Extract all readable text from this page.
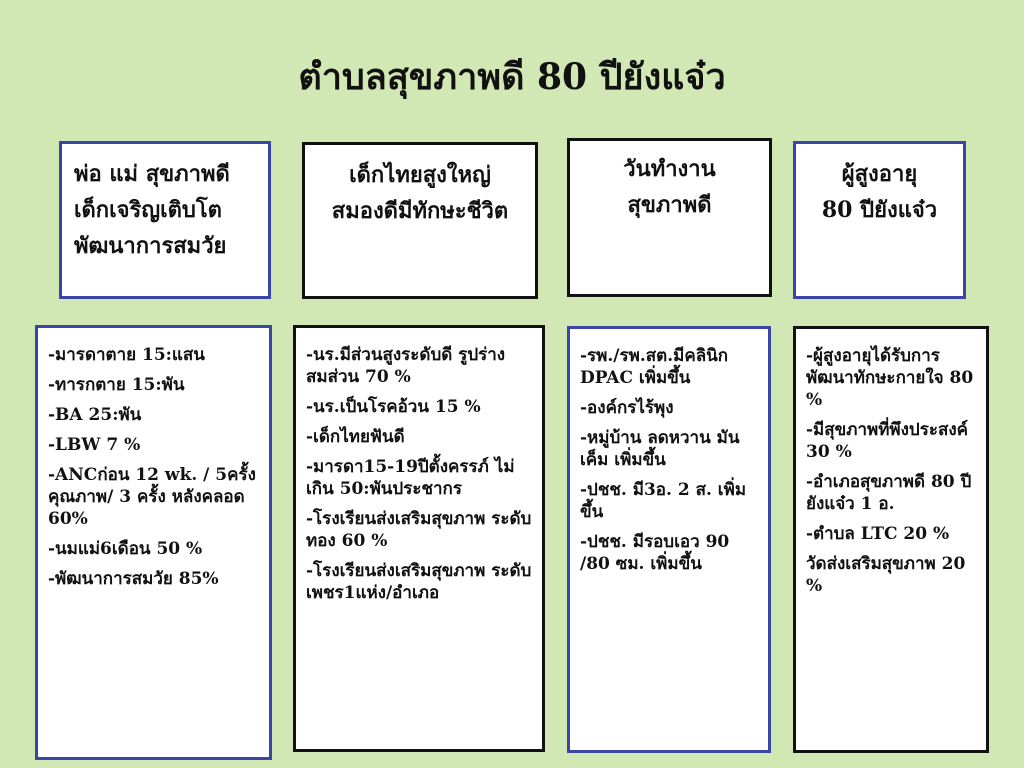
ตำบลสุขภาพดี 80 ปียังแจ๋ว
พ่อ แม่ สุขภาพดี
เด็กเจริญเติบโต
พัฒนาการสมวัย
เด็กไทยสูงใหญ่
สมองดีมีทักษะชีวิต
วันทำงาน
สุขภาพดี
ผู้สูงอายุ
80 ปียังแจ๋ว
-มารดาตาย 15:แสน
-ทารกตาย 15:พัน
-BA 25:พัน
-LBW 7 %
-ANCก่อน 12 wk. / 5ครั้งคุณภาพ/ 3 ครั้ง หลังคลอด 60%
-นมแม่6เดือน 50 %
-พัฒนาการสมวัย 85%
-นร.มีส่วนสูงระดับดี รูปร่างสมส่วน 70 %
-นร.เป็นโรคอ้วน 15 %
-เด็กไทยฟันดี
-มารดา15-19ปีตั้งครรภ์ ไม่เกิน 50:พันประชากร
-โรงเรียนส่งเสริมสุขภาพ ระดับทอง 60 %
-โรงเรียนส่งเสริมสุขภาพ ระดับเพชร1แห่ง/อำเภอ
-รพ./รพ.สต.มีคลินิก DPAC เพิ่มขึ้น
-องค์กรไร้พุง
-หมู่บ้าน ลดหวาน มัน เค็ม เพิ่มขึ้น
-ปชช. มี3อ. 2 ส. เพิ่มขึ้น
-ปชช. มีรอบเอว 90 /80 ซม. เพิ่มขึ้น
-ผู้สูงอายุได้รับการพัฒนาทักษะกายใจ 80 %
-มีสุขภาพที่พึงประสงค์ 30 %
-อำเภอสุขภาพดี 80 ปียังแจ๋ว 1 อ.
-ตำบล LTC 20 %
วัดส่งเสริมสุขภาพ 20 %
